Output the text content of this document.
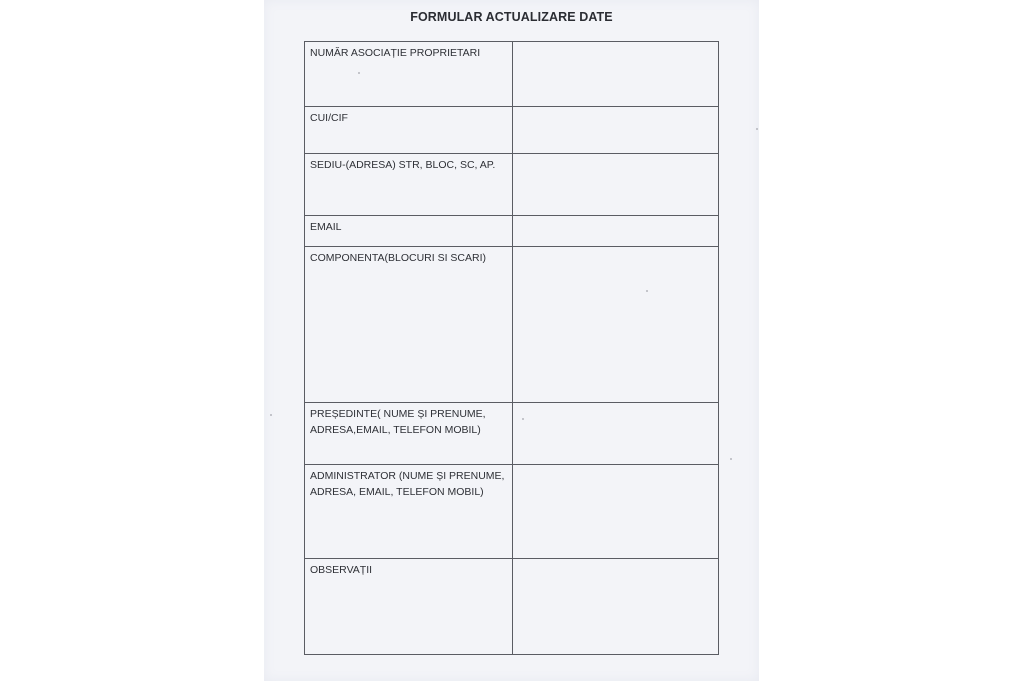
FORMULAR ACTUALIZARE DATE
NUMĂR ASOCIAȚIE PROPRIETARI	
CUI/CIF	
SEDIU-(ADRESA) STR, BLOC, SC, AP.	
EMAIL	
COMPONENTA(BLOCURI SI SCARI)	
PREȘEDINTE( NUME ȘI PRENUME, ADRESA,EMAIL, TELEFON MOBIL)	
ADMINISTRATOR (NUME ȘI PRENUME, ADRESA, EMAIL, TELEFON MOBIL)	
OBSERVAȚII	
